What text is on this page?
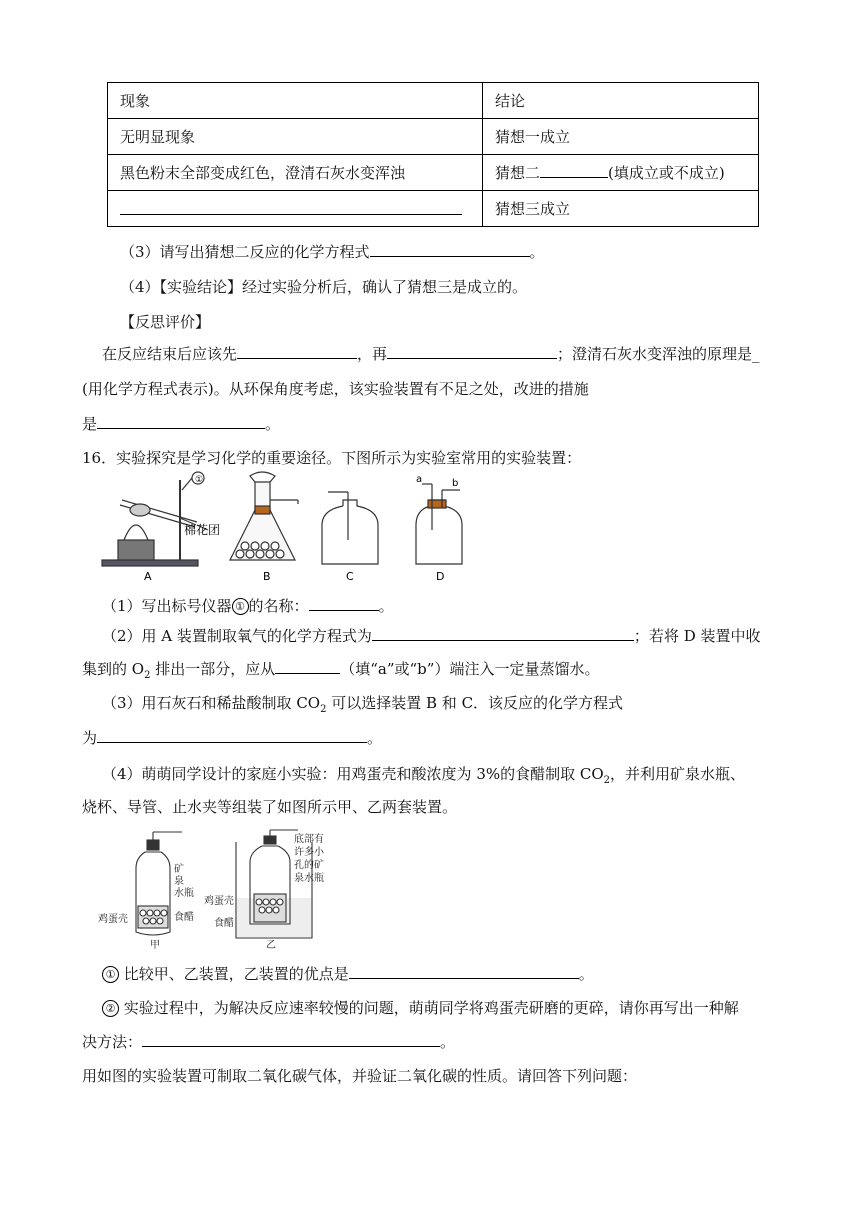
现象	结论
无明显现象	猜想一成立
黑色粉末全部变成红色，澄清石灰水变浑浊	猜想二 (填成立或不成立)
	猜想三成立
（3）请写出猜想二反应的化学方程式	。
（4）【实验结论】经过实验分析后，确认了猜想三是成立的。
【反思评价】
在反应结束后应该先	，再	；澄清石灰水变浑浊的原理是_
(用化学方程式表示)。从环保角度考虑，该实验装置有不足之处，改进的措施
是	。
16．实验探究是学习化学的重要途径。下图所示为实验室常用的实验装置：
A	B	C	D
棉花团
①	a	b
（1）写出标号仪器 ① 的名称：	。
（2）用 A 装置制取氧气的化学方程式为	；若将 D 装置中收
集到的 $O_2$ 排出一部分，应从	（填“a”或“b”）端注入一定量蒸馏水。
（3）用石灰石和稀盐酸制取 $CO_2$ 可以选择装置 B 和 C．该反应的化学方程式
为	。
（4）萌萌同学设计的家庭小实验：用鸡蛋壳和酸浓度为 3%的食醋制取 $CO_2$，并利用矿泉水瓶、
烧杯、导管、止水夹等组装了如图所示甲、乙两套装置。
甲	乙
矿
泉
水瓶
鸡蛋壳	食醋
鸡蛋壳
食醋
底部有
许多小
孔的矿
泉水瓶
① 比较甲、乙装置，乙装置的优点是	。
② 实验过程中，为解决反应速率较慢的问题，萌萌同学将鸡蛋壳研磨的更碎，请你再写出一种解
决方法：	。
用如图的实验装置可制取二氧化碳气体，并验证二氧化碳的性质。请回答下列问题：
